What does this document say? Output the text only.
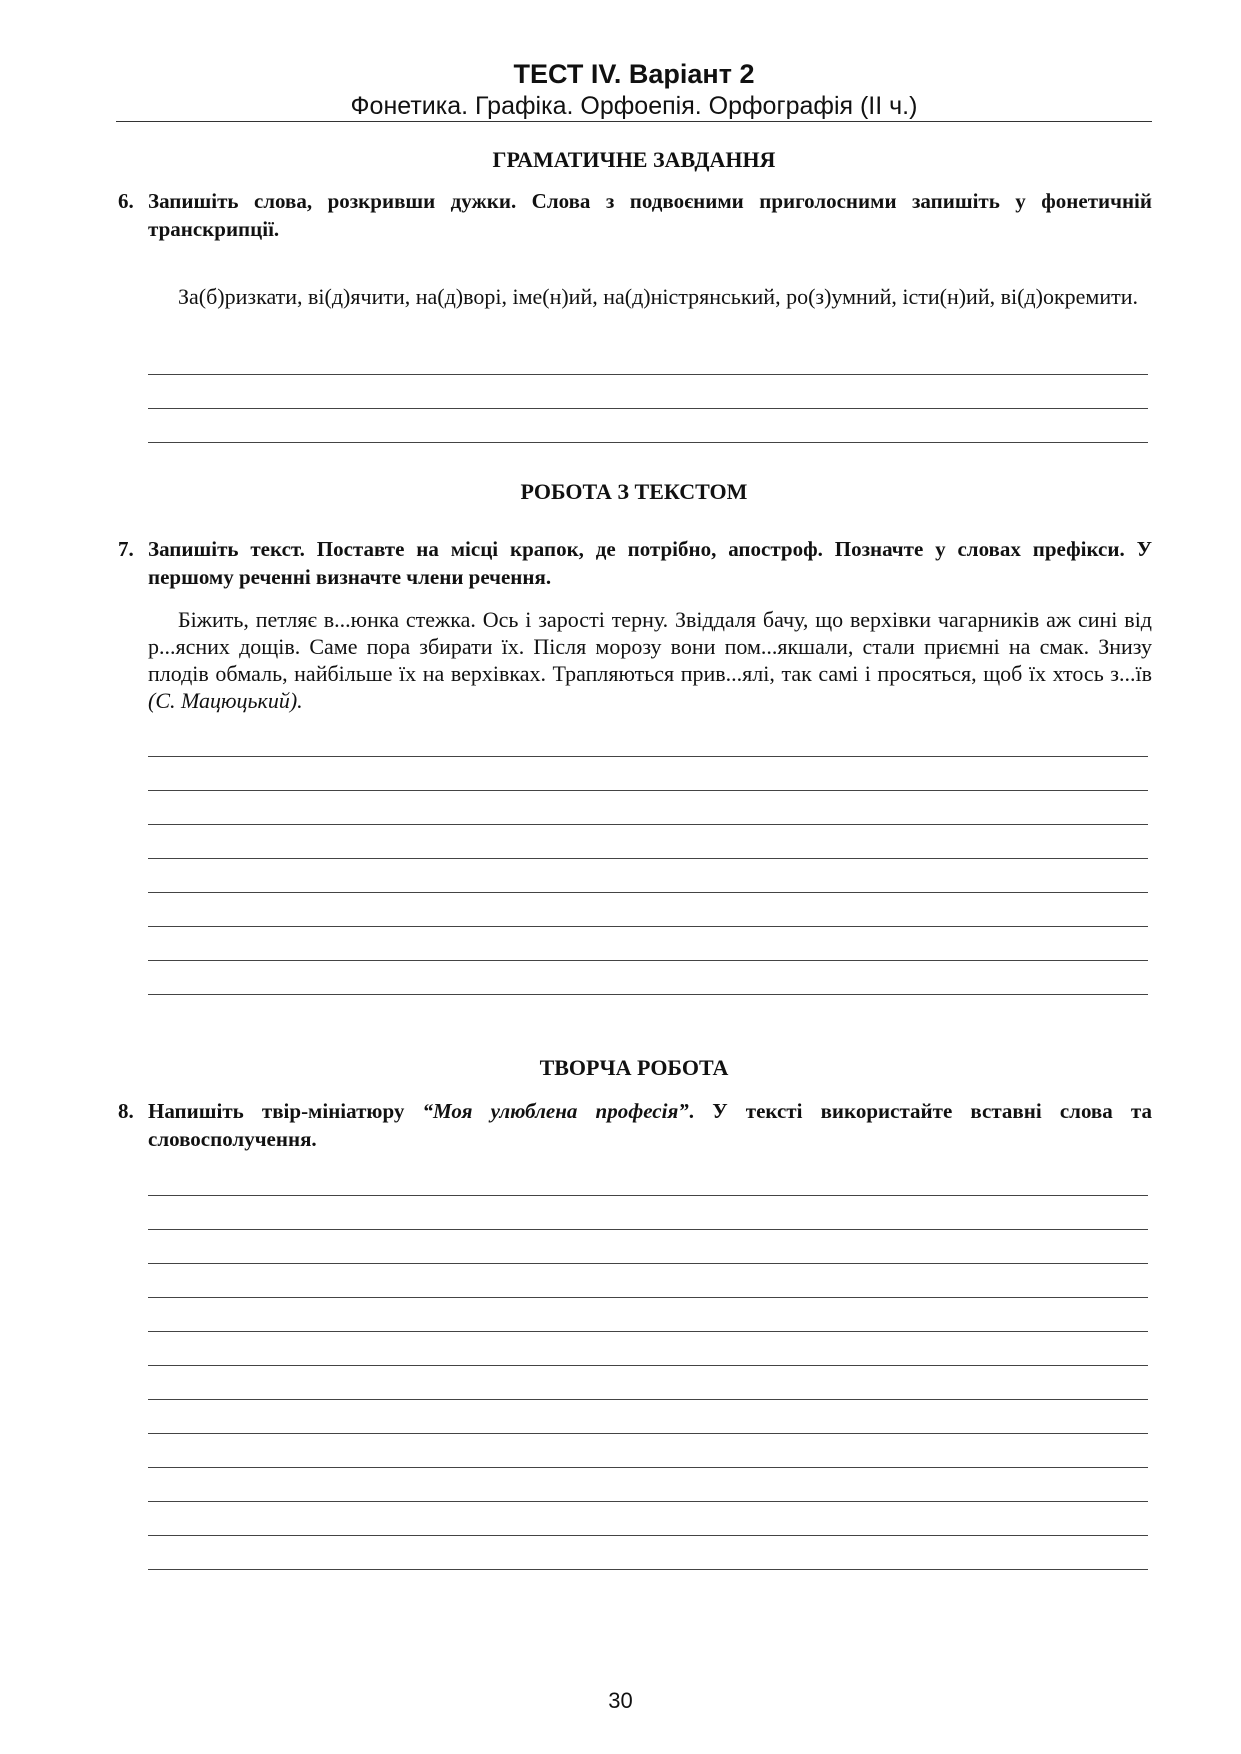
ТЕСТ IV. Варіант 2
Фонетика. Графіка. Орфоепія. Орфографія (ІІ ч.)
ГРАМАТИЧНЕ ЗАВДАННЯ
6. Запишіть слова, розкривши дужки. Слова з подвоєними приголосними запишіть у фонетичній транскрипції.
За(б)ризкати, ві(д)ячити, на(д)ворі, іме(н)ий, на(д)ністрянський, ро(з)умний, істи(н)ий, ві(д)окремити.
РОБОТА З ТЕКСТОМ
7. Запишіть текст. Поставте на місці крапок, де потрібно, апостроф. Позначте у словах префікси. У першому реченні визначте члени речення.
Біжить, петляє в...юнка стежка. Ось і зарості терну. Звіддаля бачу, що верхівки чагарників аж сині від р...ясних дощів. Саме пора збирати їх. Після морозу вони пом...якшали, стали приємні на смак. Знизу плодів обмаль, найбільше їх на верхівках. Трапляються прив...ялі, так самі і просяться, щоб їх хтось з...їв (С. Мацюцький).
ТВОРЧА РОБОТА
8. Напишіть твір-мініатюру “Моя улюблена професія”. У тексті використайте вставні слова та словосполучення.
30
